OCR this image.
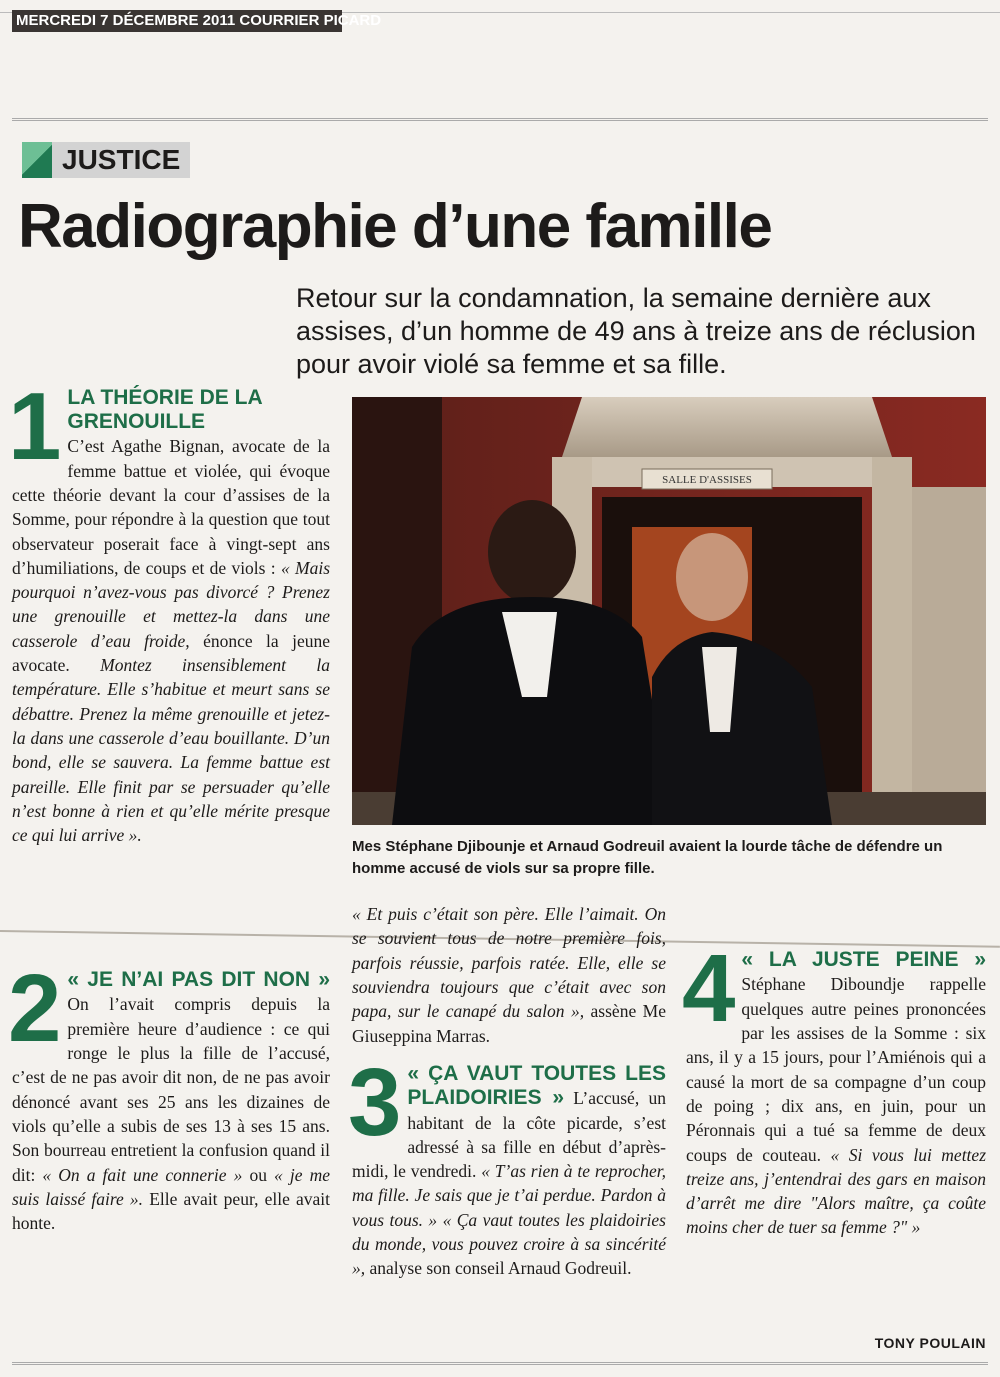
MERCREDI 7 DÉCEMBRE 2011 COURRIER PICARD
JUSTICE
Radiographie d’une famille
Retour sur la condamnation, la semaine dernière aux assises, d’un homme de 49 ans à treize ans de réclusion pour avoir violé sa femme et sa fille.
SALLE D'ASSISES
Mes Stéphane Djibounje et Arnaud Godreuil avaient la lourde tâche de défendre un homme accusé de viols sur sa propre fille.
1 LA THÉORIE DE LA GRENOUILLE
C’est Agathe Bignan, avocate de la femme battue et violée, qui évoque cette théorie devant la cour d’assises de la Somme, pour répondre à la question que tout observateur poserait face à vingt-sept ans d’humiliations, de coups et de viols : « Mais pourquoi n’avez-vous pas divorcé ? Prenez une grenouille et mettez-la dans une casserole d’eau froide, énonce la jeune avocate. Montez insensiblement la température. Elle s’habitue et meurt sans se débattre. Prenez la même grenouille et jetez-la dans une casserole d’eau bouillante. D’un bond, elle se sauvera. La femme battue est pareille. Elle finit par se persuader qu’elle n’est bonne à rien et qu’elle mérite presque ce qui lui arrive ».
2 « JE N’AI PAS DIT NON » On l’avait compris depuis la première heure d’audience : ce qui ronge le plus la fille de l’accusé, c’est de ne pas avoir dit non, de ne pas avoir dénoncé avant ses 25 ans les dizaines de viols qu’elle a subis de ses 13 à ses 15 ans. Son bourreau entretient la confusion quand il dit: « On a fait une connerie » ou « je me suis laissé faire ». Elle avait peur, elle avait honte.
« Et puis c’était son père. Elle l’aimait. On se souvient tous de notre première fois, parfois réussie, parfois ratée. Elle, elle se souviendra toujours que c’était avec son papa, sur le canapé du salon », assène Me Giuseppina Marras.
3 « ÇA VAUT TOUTES LES PLAIDOIRIES » L’accusé, un habitant de la côte picarde, s’est adressé à sa fille en début d’après-midi, le vendredi. « T’as rien à te reprocher, ma fille. Je sais que je t’ai perdue. Pardon à vous tous. » « Ça vaut toutes les plaidoiries du monde, vous pouvez croire à sa sincérité », analyse son conseil Arnaud Godreuil.
4 « LA JUSTE PEINE » Stéphane Diboundje rappelle quelques autre peines prononcées par les assises de la Somme : six ans, il y a 15 jours, pour l’Amiénois qui a causé la mort de sa compagne d’un coup de poing ; dix ans, en juin, pour un Péronnais qui a tué sa femme de deux coups de couteau. « Si vous lui mettez treize ans, j’entendrai des gars en maison d’arrêt me dire "Alors maître, ça coûte moins cher de tuer sa femme ?" »
TONY POULAIN
